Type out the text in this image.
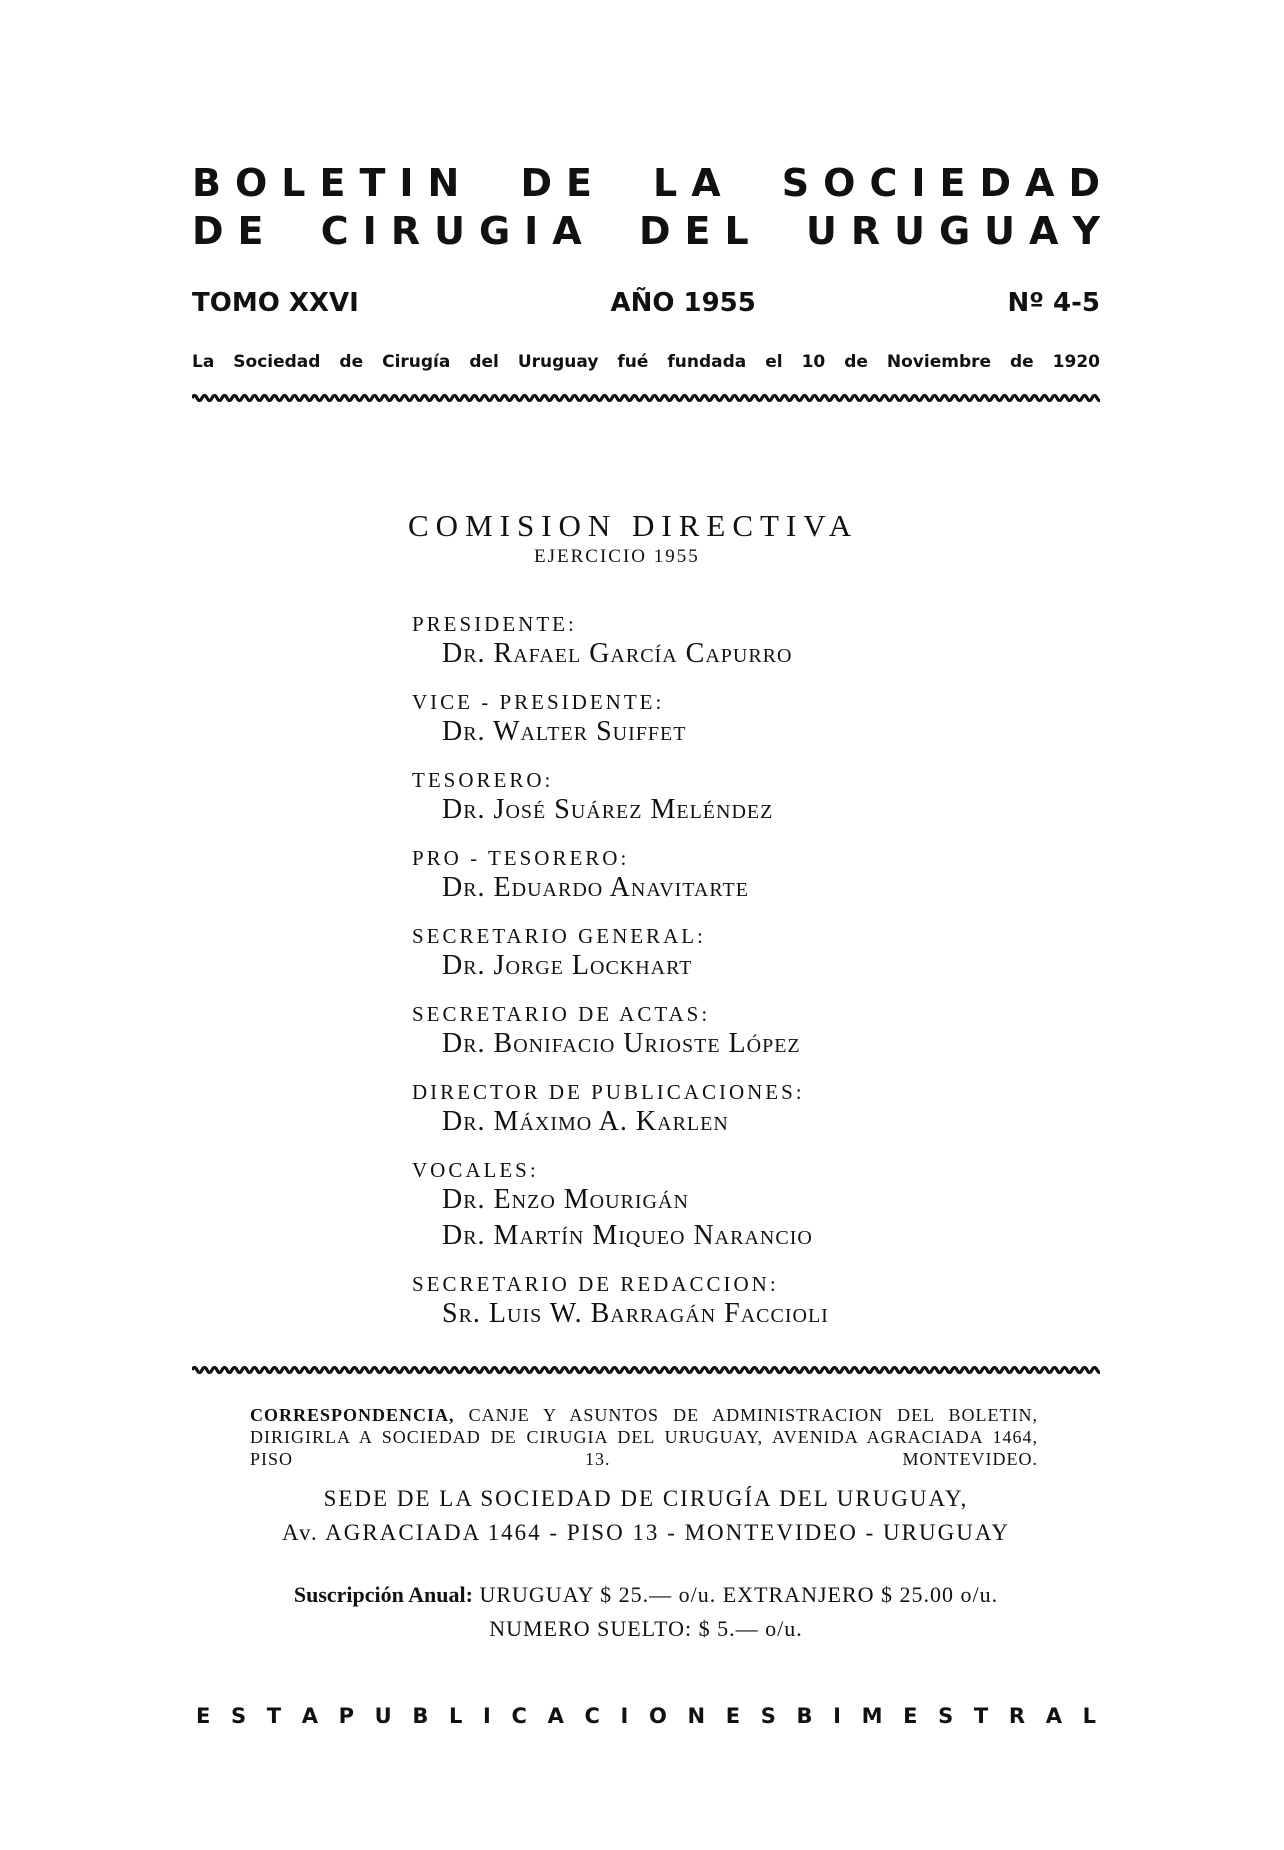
B O L E T I N D E L A S O C I E D A D
D E C I R U G I A D E L U R U G U A Y
TOMO XXVI	AÑO 1955	Nº 4-5
La Sociedad de Cirugía del Uruguay fué fundada el 10 de Noviembre de 1920
COMISION DIRECTIVA
EJERCICIO 1955
PRESIDENTE:
Dr. Rafael García Capurro
VICE - PRESIDENTE:
Dr. Walter Suiffet
TESORERO:
Dr. José Suárez Meléndez
PRO - TESORERO:
Dr. Eduardo Anavitarte
SECRETARIO GENERAL:
Dr. Jorge Lockhart
SECRETARIO DE ACTAS:
Dr. Bonifacio Urioste López
DIRECTOR DE PUBLICACIONES:
Dr. Máximo A. Karlen
VOCALES:
Dr. Enzo Mourigán
Dr. Martín Miqueo Narancio
SECRETARIO DE REDACCION:
Sr. Luis W. Barragán Faccioli
CORRESPONDENCIA, CANJE Y ASUNTOS DE ADMINISTRACION DEL BOLETIN, DIRIGIRLA A SOCIEDAD DE CIRUGIA DEL URUGUAY, AVENIDA AGRACIADA 1464, PISO 13. MONTEVIDEO.
SEDE DE LA SOCIEDAD DE CIRUGÍA DEL URUGUAY,
Av. AGRACIADA 1464 - PISO 13 - MONTEVIDEO - URUGUAY
Suscripción Anual: URUGUAY $ 25.— o/u. EXTRANJERO $ 25.00 o/u.
NUMERO SUELTO: $ 5.— o/u.
E S T A P U B L I C A C I O N E S B I M E S T R A L
